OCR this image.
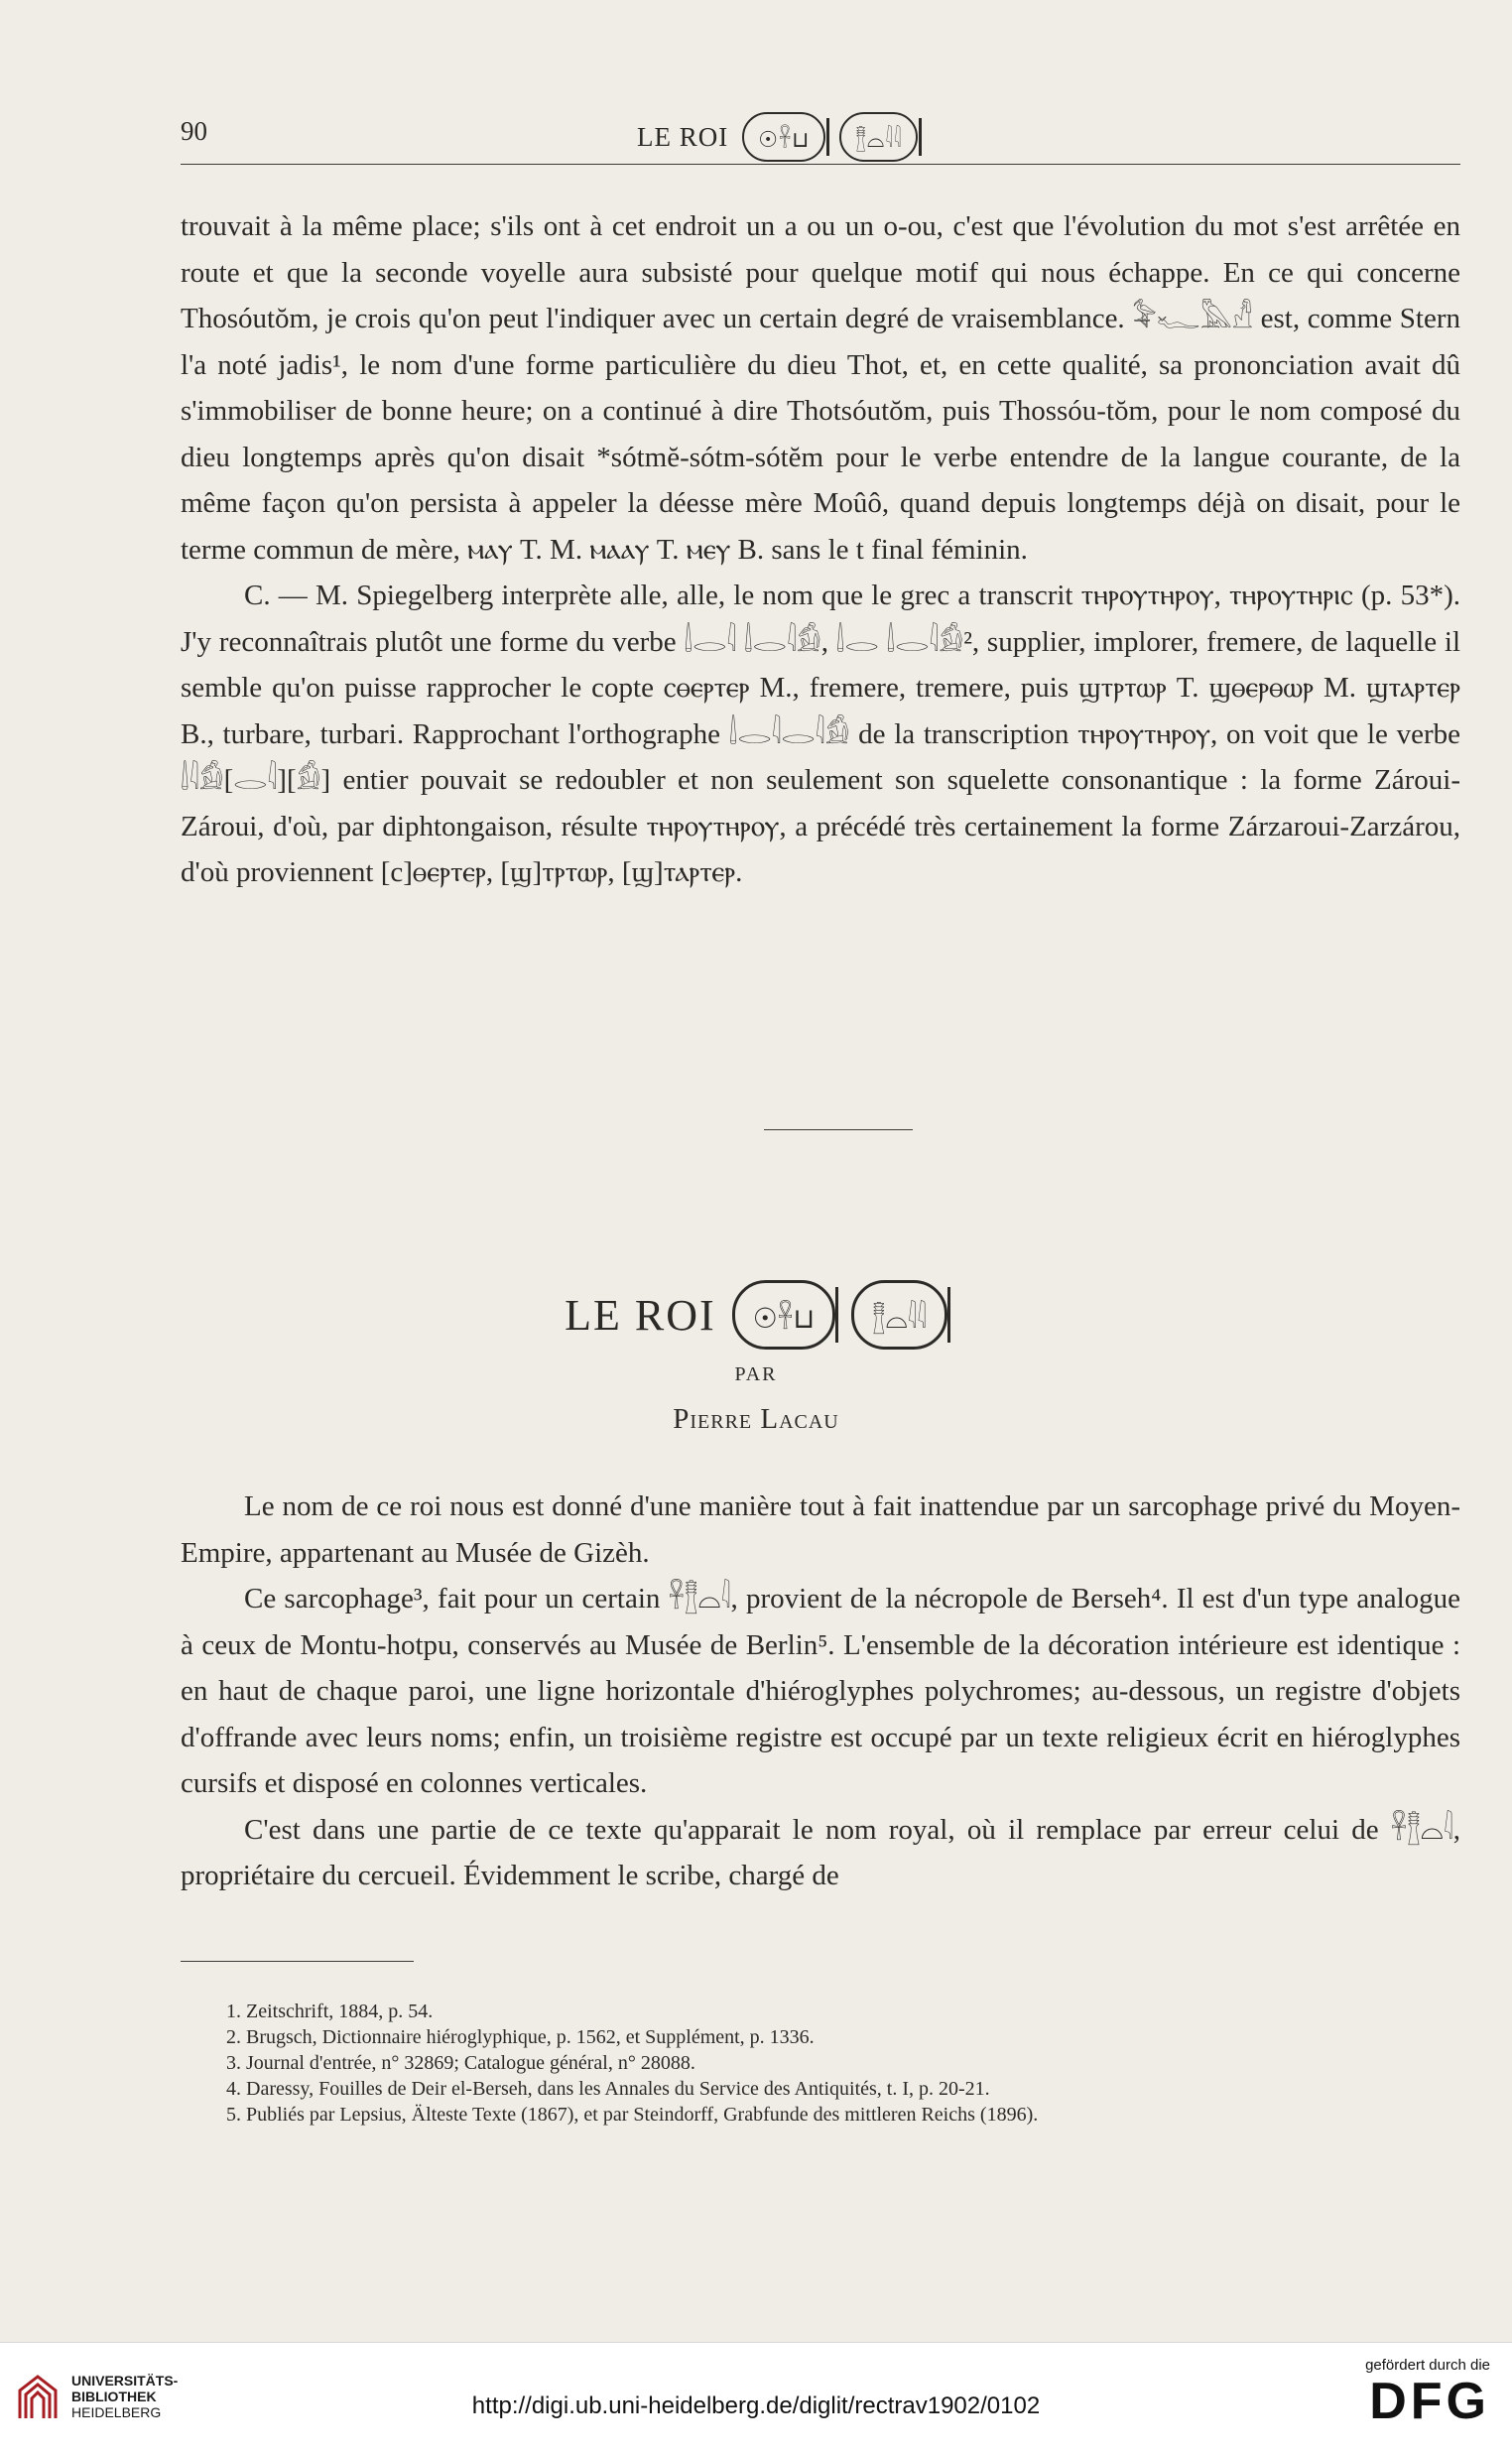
90	LE ROI	☉𓋹⊔	𓊽⌓𓇋𓇋

trouvait à la même place; s'ils ont à cet endroit un a ou un o-ou, c'est que l'évolution du mot s'est arrêtée en route et que la seconde voyelle aura subsisté pour quelque motif qui nous échappe. En ce qui concerne Thosóutŏm, je crois qu'on peut l'indiquer avec un certain degré de vraisemblance. 𓅝𓆑𓅓𓀭 est, comme Stern l'a noté jadis¹, le nom d'une forme particulière du dieu Thot, et, en cette qualité, sa prononciation avait dû s'immobiliser de bonne heure; on a continué à dire Thotsóutŏm, puis Thossóu-tŏm, pour le nom composé du dieu longtemps après qu'on disait *sótmĕ-sótm-sótĕm pour le verbe entendre de la langue courante, de la même façon qu'on persista à appeler la déesse mère Moûô, quand depuis longtemps déjà on disait, pour le terme commun de mère, ⲙⲁⲩ T. M. ⲙⲁⲁⲩ T. ⲙⲉⲩ B. sans le t final féminin.

C. — M. Spiegelberg interprète alle, alle, le nom que le grec a transcrit ⲧⲏⲣⲟⲩⲧⲏⲣⲟⲩ, ⲧⲏⲣⲟⲩⲧⲏⲣⲓⲥ (p. 53*). J'y reconnaîtrais plutôt une forme du verbe 𓌃𓂋𓇋 𓌃𓂋𓇋𓀁, 𓌃𓂋 𓌃𓂋𓇋𓀁², supplier, implorer, fremere, de laquelle il semble qu'on puisse rapprocher le copte ⲥⲑⲉⲣⲧⲉⲣ M., fremere, tremere, puis ϣⲧⲣⲧⲱⲣ T. ϣⲑⲉⲣⲑⲱⲣ M. ϣⲧⲁⲣⲧⲉⲣ B., turbare, turbari. Rapprochant l'orthographe 𓌃𓂋𓇋𓂋𓇋𓀁 de la transcription ⲧⲏⲣⲟⲩⲧⲏⲣⲟⲩ, on voit que le verbe 𓌃𓇋𓀁[𓂋𓇋][𓀁] entier pouvait se redoubler et non seulement son squelette consonantique : la forme Zároui-Zároui, d'où, par diphtongaison, résulte ⲧⲏⲣⲟⲩⲧⲏⲣⲟⲩ, a précédé très certainement la forme Zárzaroui-Zarzárou, d'où proviennent [c]ⲑⲉⲣⲧⲉⲣ, [ϣ]ⲧⲣⲧⲱⲣ, [ϣ]ⲧⲁⲣⲧⲉⲣ.

LE ROI	☉𓋹⊔	𓊽⌓𓇋𓇋
PAR
Pierre Lacau

Le nom de ce roi nous est donné d'une manière tout à fait inattendue par un sarcophage privé du Moyen-Empire, appartenant au Musée de Gizèh.

Ce sarcophage³, fait pour un certain 𓋹𓊽⌓𓇋, provient de la nécropole de Berseh⁴. Il est d'un type analogue à ceux de Montu-hotpu, conservés au Musée de Berlin⁵. L'ensemble de la décoration intérieure est identique : en haut de chaque paroi, une ligne horizontale d'hiéroglyphes polychromes; au-dessous, un registre d'objets d'offrande avec leurs noms; enfin, un troisième registre est occupé par un texte religieux écrit en hiéroglyphes cursifs et disposé en colonnes verticales.

C'est dans une partie de ce texte qu'apparait le nom royal, où il remplace par erreur celui de 𓋹𓊽⌓𓇋, propriétaire du cercueil. Évidemment le scribe, chargé de

1. Zeitschrift, 1884, p. 54.
2. Brugsch, Dictionnaire hiéroglyphique, p. 1562, et Supplément, p. 1336.
3. Journal d'entrée, n° 32869; Catalogue général, n° 28088.
4. Daressy, Fouilles de Deir el-Berseh, dans les Annales du Service des Antiquités, t. I, p. 20-21.
5. Publiés par Lepsius, Älteste Texte (1867), et par Steindorff, Grabfunde des mittleren Reichs (1896).
UNIVERSITÄTS-
BIBLIOTHEK
HEIDELBERG	http://digi.ub.uni-heidelberg.de/diglit/rectrav1902/0102
gefördert durch die
DFG
